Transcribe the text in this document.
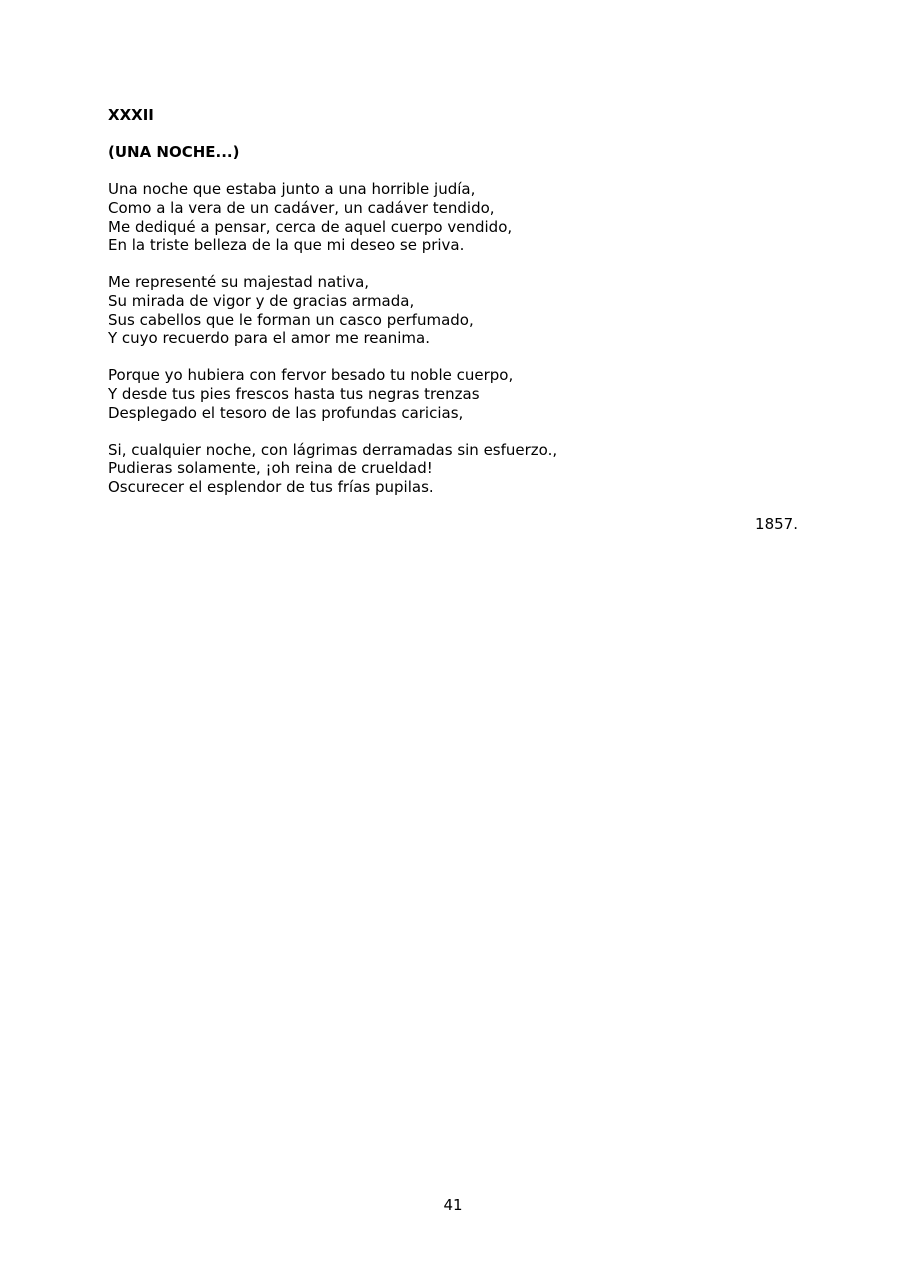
XXXII

(UNA NOCHE...)

Una noche que estaba junto a una horrible judía,
Como a la vera de un cadáver, un cadáver tendido,
Me dediqué a pensar, cerca de aquel cuerpo vendido,
En la triste belleza de la que mi deseo se priva.

Me representé su majestad nativa,
Su mirada de vigor y de gracias armada,
Sus cabellos que le forman un casco perfumado,
Y cuyo recuerdo para el amor me reanima.

Porque yo hubiera con fervor besado tu noble cuerpo,
Y desde tus pies frescos hasta tus negras trenzas
Desplegado el tesoro de las profundas caricias,

Si, cualquier noche, con lágrimas derramadas sin esfuerzo.,
Pudieras solamente, ¡oh reina de crueldad!
Oscurecer el esplendor de tus frías pupilas.

1857.

41
